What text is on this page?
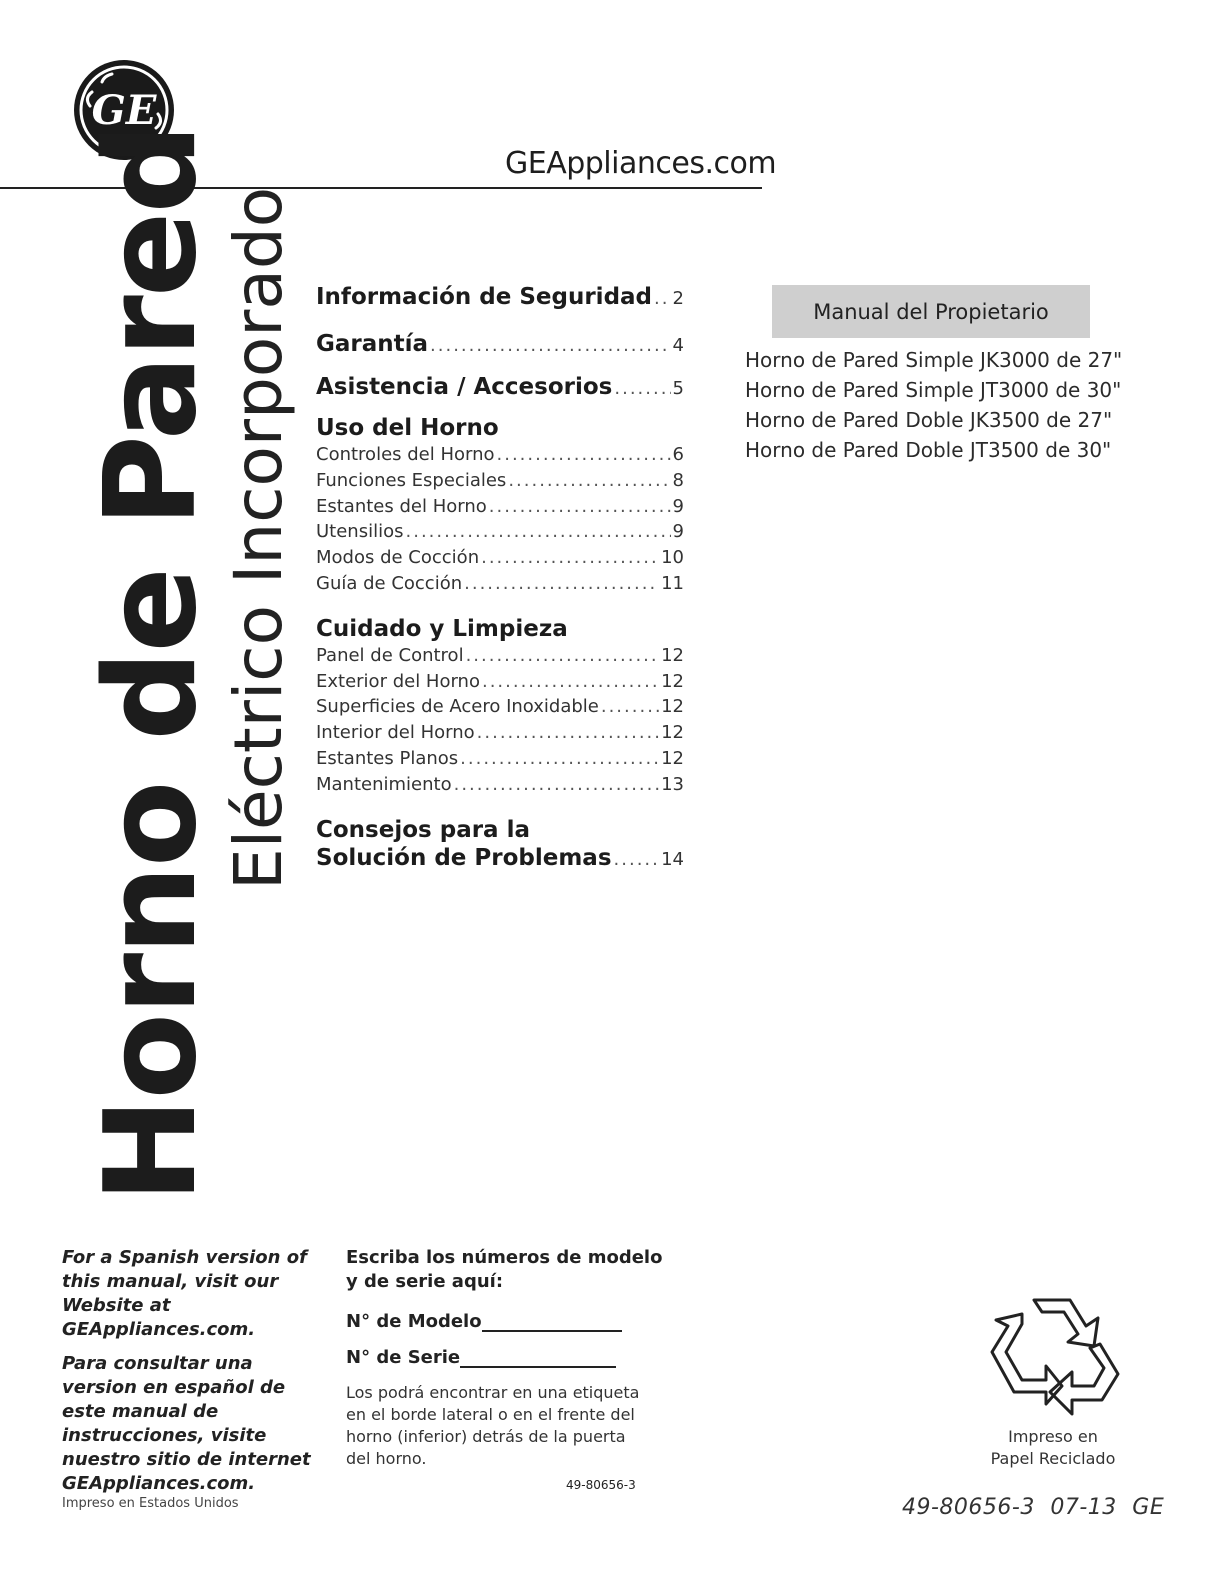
GE
GEAppliances.com
Horno de Pared
Eléctrico Incorporado Información de Seguridad ..... 2
Garantía .....	4
Asistencia / Accesorios .....	5
Uso del Horno
Controles del Horno .....	6
Funciones Especiales .....	8
Estantes del Horno .....	9
Utensilios .....	9
Modos de Cocción .....	10
Guía de Cocción .....	11
Cuidado y Limpieza
Panel de Control .....	12
Exterior del Horno .....	12
Superficies de Acero Inoxidable .....	12
Interior del Horno .....	12
Estantes Planos .....	12
Mantenimiento .....	13
Consejos para la
Solución de Problemas .....	14
Manual del Propietario
Horno de Pared Simple JK3000 de 27"
Horno de Pared Simple JT3000 de 30"
Horno de Pared Doble JK3500 de 27"
Horno de Pared Doble JT3500 de 30"

For a Spanish version of this manual, visit our Website at GEAppliances.com.

Para consultar una version en español de este manual de instrucciones, visite nuestro sitio de internet GEAppliances.com.

Impreso en Estados Unidos
Escriba los números de modelo y de serie aquí:
N° de Modelo
N° de Serie
Los podrá encontrar en una etiqueta en el borde lateral o en el frente del horno (inferior) detrás de la puerta del horno.
49-80656-3
Impreso en
Papel Reciclado
49-80656-3 07-13 GE
